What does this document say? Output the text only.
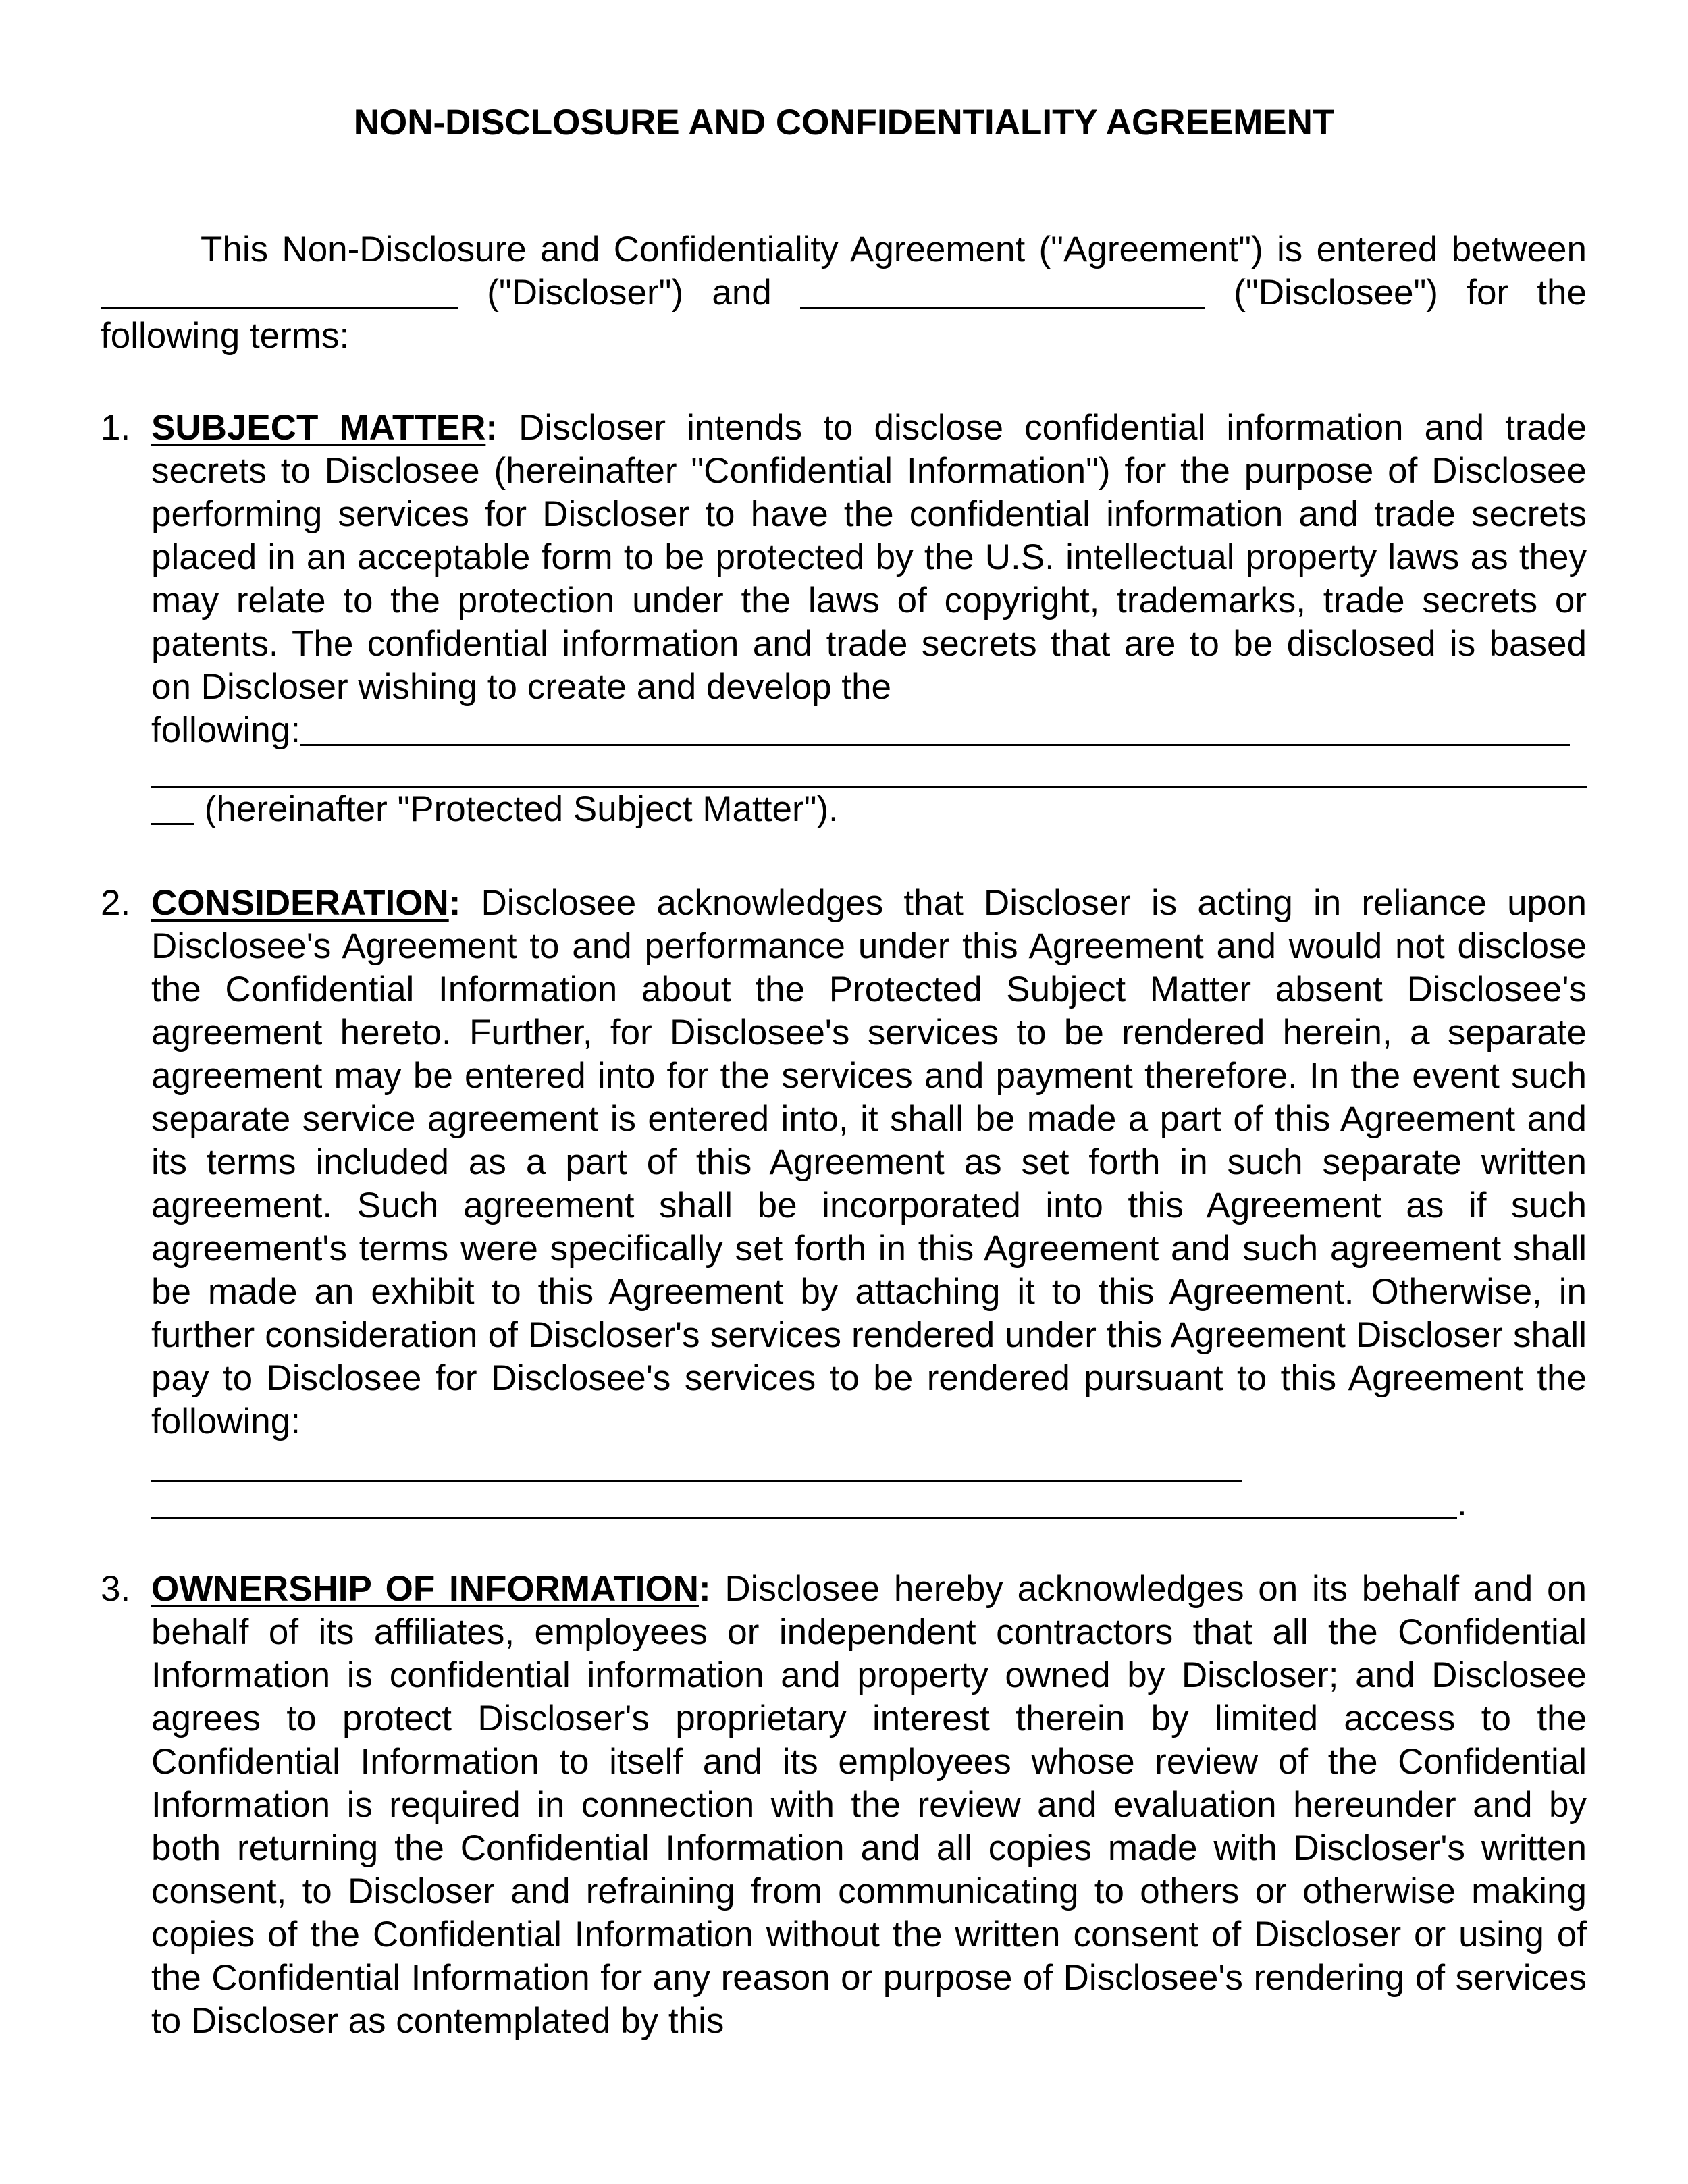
NON-DISCLOSURE AND CONFIDENTIALITY AGREEMENT
This Non-Disclosure and Confidentiality Agreement ("Agreement") is entered between  ("Discloser") and	("Disclosee") for the following terms:
1. SUBJECT MATTER: Discloser intends to disclose confidential information and trade secrets to Disclosee (hereinafter "Confidential Information") for the purpose of Disclosee performing services for Discloser to have the confidential information and trade secrets placed in an acceptable form to be protected by the U.S. intellectual property laws as they may relate to the protection under the laws of copyright, trademarks, trade secrets or patents. The confidential information and trade secrets that are to be disclosed is based on Discloser wishing to create and develop the
following:
(hereinafter "Protected Subject Matter").
2. CONSIDERATION: Disclosee acknowledges that Discloser is acting in reliance upon Disclosee's Agreement to and performance under this Agreement and would not disclose the Confidential Information about the Protected Subject Matter absent Disclosee's agreement hereto. Further, for Disclosee's services to be rendered herein, a separate agreement may be entered into for the services and payment therefore. In the event such separate service agreement is entered into, it shall be made a part of this Agreement and its terms included as a part of this Agreement as set forth in such separate written agreement. Such agreement shall be incorporated into this Agreement as if such agreement's terms were specifically set forth in this Agreement and such agreement shall be made an exhibit to this Agreement by attaching it to this Agreement. Otherwise, in further consideration of Discloser's services rendered under this Agreement Discloser shall pay to Disclosee for Disclosee's services to be rendered pursuant to this Agreement the following:
.
3. OWNERSHIP OF INFORMATION: Disclosee hereby acknowledges on its behalf and on behalf of its affiliates, employees or independent contractors that all the Confidential Information is confidential information and property owned by Discloser; and Disclosee agrees to protect Discloser's proprietary interest therein by limited access to the Confidential Information to itself and its employees whose review of the Confidential Information is required in connection with the review and evaluation hereunder and by both returning the Confidential Information and all copies made with Discloser's written consent, to Discloser and refraining from communicating to others or otherwise making copies of the Confidential Information without the written consent of Discloser or using of the Confidential Information for any reason or purpose of Disclosee's rendering of services to Discloser as contemplated by this
